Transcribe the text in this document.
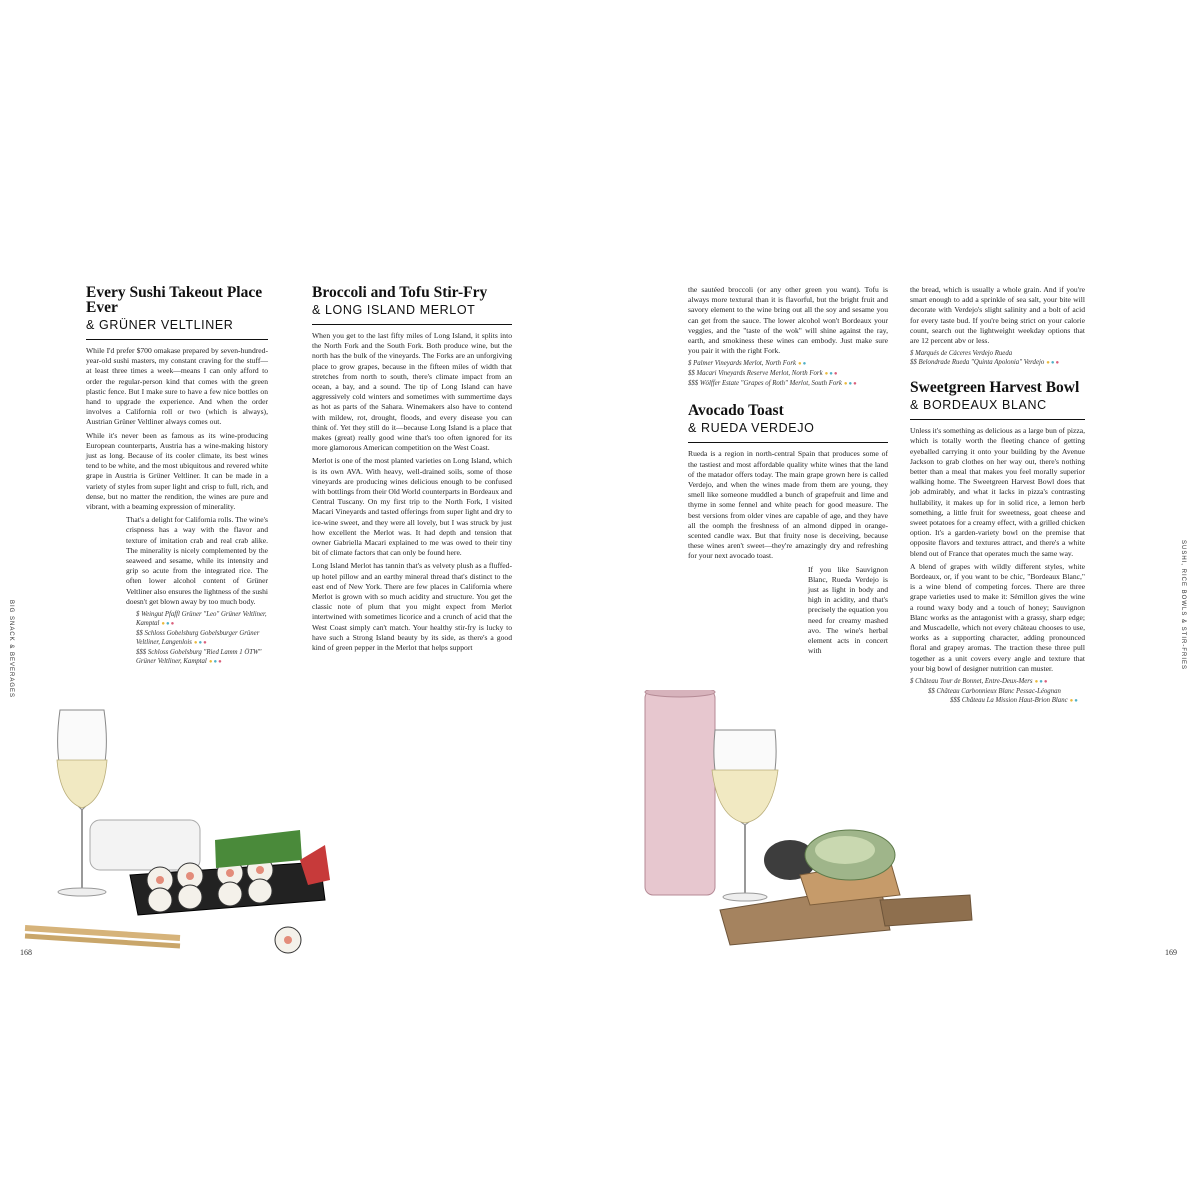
BIG SNACK & BEVERAGES	SUSHI, RICE BOWLS & STIR-FRIES
Every Sushi Takeout Place Ever
& GRÜNER VELTLINER

While I'd prefer $700 omakase prepared by seven-hundred-year-old sushi masters, my constant craving for the stuff—at least three times a week—means I can only afford to order the regular-person kind that comes with the green plastic fence. But I make sure to have a few nice bottles on hand to upgrade the experience. And when the order involves a California roll or two (which is always), Austrian Grüner Veltliner always comes out.

While it's never been as famous as its wine-producing European counterparts, Austria has a wine-making history just as long. Because of its cooler climate, its best wines tend to be white, and the most ubiquitous and revered white grape in Austria is Grüner Veltliner. It can be made in a variety of styles from super light and crisp to full, rich, and dense, but no matter the rendition, the wines are pure and vibrant, with a beaming expression of minerality.

That's a delight for California rolls. The wine's crispness has a way with the flavor and texture of imitation crab and real crab alike. The minerality is nicely complemented by the seaweed and sesame, while its intensity and grip so acute from the integrated rice. The often lower alcohol content of Grüner Veltliner also ensures the lightness of the sushi doesn't get blown away by too much body.

$ Weingut Pfaffl Grüner "Leo" Grüner Veltliner, Kamptal ●●●

$$ Schloss Gobelsburg Gobelsburger Grüner Veltliner, Langenlois ●●●

$$$ Schloss Gobelsburg "Ried Lamm 1 ÖTW" Grüner Veltliner, Kamptal ●●●

Broccoli and Tofu Stir-Fry
& LONG ISLAND MERLOT

When you get to the last fifty miles of Long Island, it splits into the North Fork and the South Fork. Both produce wine, but the north has the bulk of the vineyards. The Forks are an unforgiving place to grow grapes, because in the fifteen miles of width that stretches from north to south, there's climate impact from an ocean, a bay, and a sound. The tip of Long Island can have aggressively cold winters and sometimes with summertime days as hot as parts of the Sahara. Winemakers also have to contend with mildew, rot, drought, floods, and every disease you can think of. Yet they still do it—because Long Island is a place that makes (great) really good wine that's too often ignored for its more glamorous American competition on the West Coast.

Merlot is one of the most planted varieties on Long Island, which is its own AVA. With heavy, well-drained soils, some of those vineyards are producing wines delicious enough to be confused with bottlings from their Old World counterparts in Bordeaux and Central Tuscany. On my first trip to the North Fork, I visited Macari Vineyards and tasted offerings from super light and dry to ice-wine sweet, and they were all lovely, but I was struck by just how excellent the Merlot was. It had depth and tension that owner Gabriella Macari explained to me was owed to their tiny bit of climate factors that can only be found here.

Long Island Merlot has tannin that's as velvety plush as a fluffed-up hotel pillow and an earthy mineral thread that's distinct to the east end of New York. There are few places in California where Merlot is grown with so much acidity and structure. You get the classic note of plum that you might expect from Merlot intertwined with sometimes licorice and a crunch of acid that the West Coast simply can't match. Your healthy stir-fry is lucky to have such a Strong Island beauty by its side, as there's a good kind of green pepper in the Merlot that helps support

the sautéed broccoli (or any other green you want). Tofu is always more textural than it is flavorful, but the bright fruit and savory element to the wine bring out all the soy and sesame you can get from the sauce. The lower alcohol won't Bordeaux your veggies, and the "taste of the wok" will shine against the ray, earth, and smokiness these wines can embody. Just make sure you pair it with the right Fork.

$ Palmer Vineyards Merlot, North Fork ●●

$$ Macari Vineyards Reserve Merlot, North Fork ●●●

$$$ Wölffer Estate "Grapes of Roth" Merlot, South Fork ●●●

Avocado Toast
& RUEDA VERDEJO

Rueda is a region in north-central Spain that produces some of the tastiest and most affordable quality white wines that the land of the matador offers today. The main grape grown here is called Verdejo, and when the wines made from them are young, they smell like someone muddled a bunch of grapefruit and lime and thyme in some fennel and white peach for good measure. The best versions from older vines are capable of age, and they have all the oomph the freshness of an almond dipped in orange-scented candle wax. But that fruity nose is deceiving, because these wines aren't sweet—they're amazingly dry and refreshing for your next avocado toast.

If you like Sauvignon Blanc, Rueda Verdejo is just as light in body and high in acidity, and that's precisely the equation you need for creamy mashed avo. The wine's herbal element acts in concert with

the bread, which is usually a whole grain. And if you're smart enough to add a sprinkle of sea salt, your bite will decorate with Verdejo's slight salinity and a bolt of acid for every taste bud. If you're being strict on your calorie count, search out the lightweight weekday options that are 12 percent abv or less.

$ Marqués de Cáceres Verdejo Rueda

$$ Belondrade Rueda "Quinta Apolonia" Verdejo ●●●

Sweetgreen Harvest Bowl
& BORDEAUX BLANC

Unless it's something as delicious as a large bun of pizza, which is totally worth the fleeting chance of getting eyeballed carrying it onto your building by the Avenue Jackson to grab clothes on her way out, there's nothing better than a meal that makes you feel morally superior walking home. The Sweetgreen Harvest Bowl does that job admirably, and what it lacks in pizza's contrasting hullability, it makes up for in solid rice, a lemon herb something, a little fruit for sweetness, goat cheese and sweet potatoes for a creamy effect, with a grilled chicken option. It's a garden-variety bowl on the premise that opposite flavors and textures attract, and there's a white blend out of France that operates much the same way.

A blend of grapes with wildly different styles, white Bordeaux, or, if you want to be chic, "Bordeaux Blanc," is a wine blend of competing forces. There are three grape varieties used to make it: Sémillon gives the wine a round waxy body and a touch of honey; Sauvignon Blanc works as the antagonist with a grassy, sharp edge; and Muscadelle, which not every château chooses to use, works as a supporting character, adding pronounced floral and grapey aromas. The traction these three pull together as a unit covers every angle and texture that your big bowl of designer nutrition can muster.

$ Château Tour de Bonnet, Entre-Deux-Mers ●●●

$$ Château Carbonnieux Blanc Pessac-Léognan

$$$ Château La Mission Haut-Brion Blanc ●●

168	169
